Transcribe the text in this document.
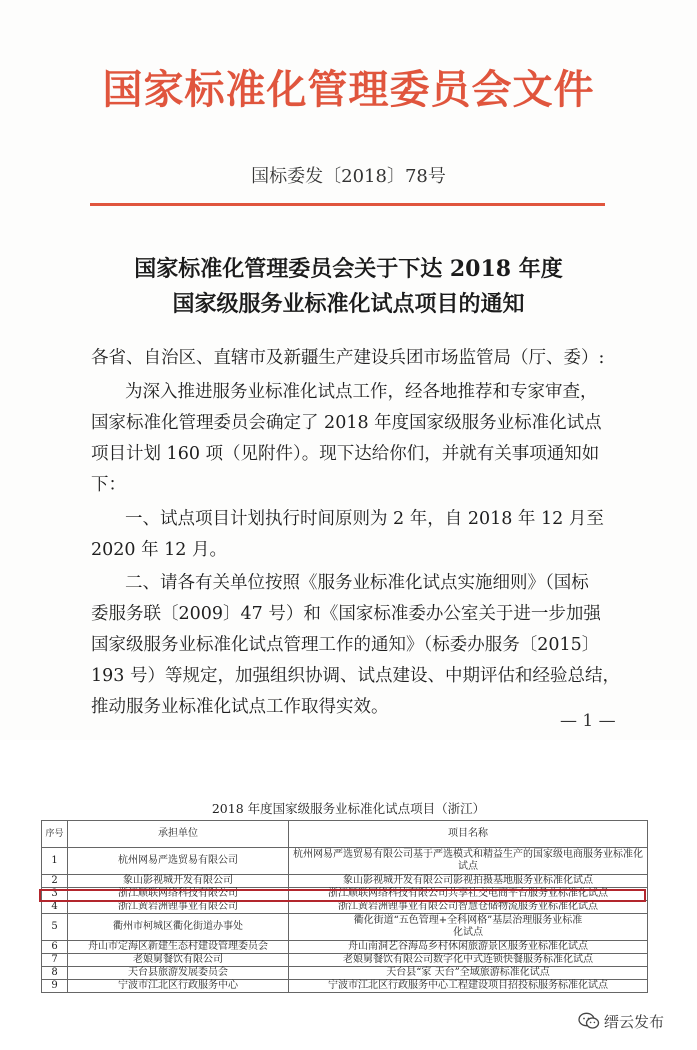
国家标准化管理委员会文件
国标委发〔2018〕78号
国家标准化管理委员会关于下达 2018 年度
国家级服务业标准化试点项目的通知
各省、自治区、直辖市及新疆生产建设兵团市场监管局（厅、委）:
为深入推进服务业标准化试点工作，经各地推荐和专家审查，
国家标准化管理委员会确定了 2018 年度国家级服务业标准化试点
项目计划 160 项（见附件）。现下达给你们，并就有关事项通知如
下：
一、试点项目计划执行时间原则为 2 年，自 2018 年 12 月至
2020 年 12 月。
二、请各有关单位按照《服务业标准化试点实施细则》（国标
委服务联〔2009〕47 号）和《国家标准委办公室关于进一步加强
国家级服务业标准化试点管理工作的通知》（标委办服务〔2015〕
193 号）等规定，加强组织协调、试点建设、中期评估和经验总结，
推动服务业标准化试点工作取得实效。
— 1 —
2018 年度国家级服务业标准化试点项目（浙江）
序号	承担单位	项目名称
1	杭州网易严选贸易有限公司	杭州网易严选贸易有限公司基于严选模式和精益生产的国家级电商服务业标准化试点
2	象山影视城开发有限公司	象山影视城开发有限公司影视拍摄基地服务业标准化试点
3	浙江顺联网络科技有限公司	浙江顺联网络科技有限公司共享社交电商平台服务业标准化试点
4	浙江黄岩洲锂事业有限公司	浙江黄岩洲锂事业有限公司智慧仓储物流服务业标准化试点
5	衢州市柯城区衢化街道办事处	衢化街道“五色管理+全科网格”基层治理服务业标准化试点
6	舟山市定海区新建生态村建设管理委员会	舟山南洞艺谷海岛乡村休闲旅游景区服务业标准化试点
7	老娘舅餐饮有限公司	老娘舅餐饮有限公司数字化中式连锁快餐服务标准化试点
8	天台县旅游发展委员会	天台县“家 天台”全域旅游标准化试点
9	宁波市江北区行政服务中心	宁波市江北区行政服务中心工程建设项目招投标服务标准化试点
缙云发布
